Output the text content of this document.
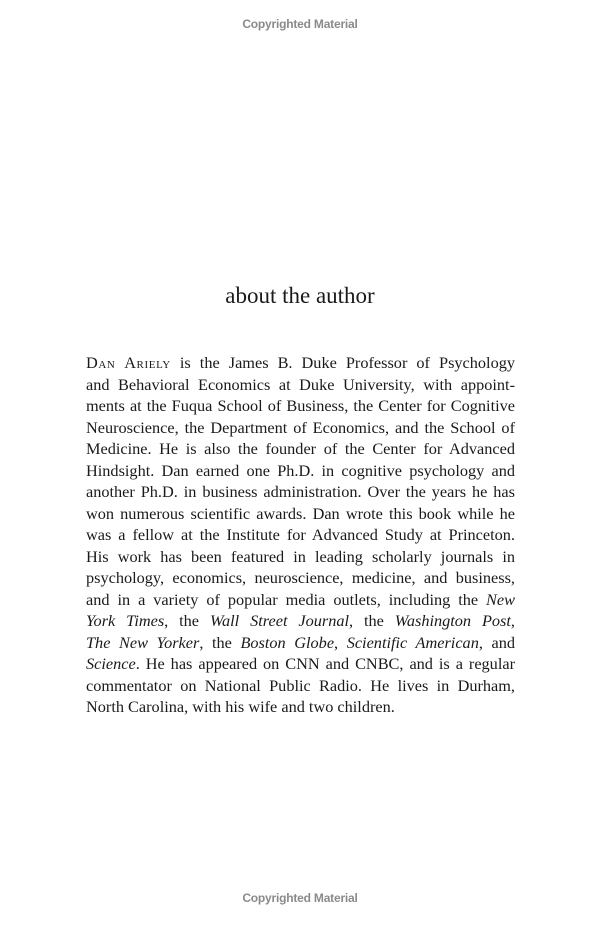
Copyrighted Material
about the author
Dan Ariely is the James B. Duke Professor of Psychology
and Behavioral Economics at Duke University, with appoint-
ments at the Fuqua School of Business, the Center for Cognitive
Neuroscience, the Department of Economics, and the School of
Medicine. He is also the founder of the Center for Advanced
Hindsight. Dan earned one Ph.D. in cognitive psychology and
another Ph.D. in business administration. Over the years he has
won numerous scientific awards. Dan wrote this book while he
was a fellow at the Institute for Advanced Study at Princeton.
His work has been featured in leading scholarly journals in
psychology, economics, neuroscience, medicine, and business,
and in a variety of popular media outlets, including the New
York Times, the Wall Street Journal, the Washington Post,
The New Yorker, the Boston Globe, Scientific American, and
Science. He has appeared on CNN and CNBC, and is a regular
commentator on National Public Radio. He lives in Durham,
North Carolina, with his wife and two children.
Copyrighted Material
